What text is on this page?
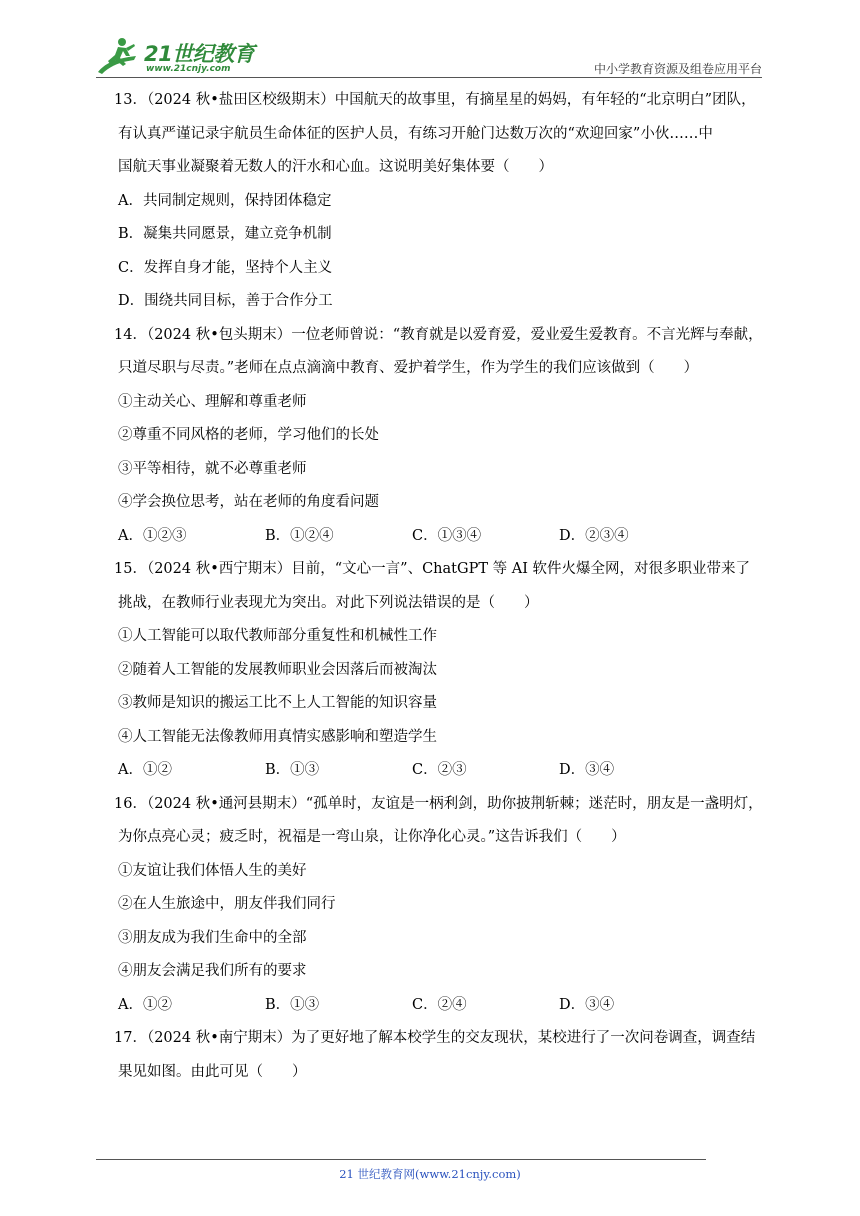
21世纪教育
www.21cnjy.com	中小学教育资源及组卷应用平台
13．（2024 秋•盐田区校级期末）中国航天的故事里，有摘星星的妈妈，有年轻的“北京明白”团队，
有认真严谨记录宇航员生命体征的医护人员，有练习开舱门达数万次的“欢迎回家”小伙……中
国航天事业凝聚着无数人的汗水和心血。这说明美好集体要（　　）
A．共同制定规则，保持团体稳定
B．凝集共同愿景，建立竞争机制
C．发挥自身才能，坚持个人主义
D．围绕共同目标，善于合作分工
14．（2024 秋•包头期末）一位老师曾说：“教育就是以爱育爱，爱业爱生爱教育。不言光辉与奉献，
只道尽职与尽责。”老师在点点滴滴中教育、爱护着学生，作为学生的我们应该做到（　　）
①主动关心、理解和尊重老师
②尊重不同风格的老师，学习他们的长处
③平等相待，就不必尊重老师
④学会换位思考，站在老师的角度看问题
A．①②③	B．①②④	C．①③④	D．②③④
15．（2024 秋•西宁期末）目前，“文心一言”、ChatGPT 等 AI 软件火爆全网，对很多职业带来了
挑战，在教师行业表现尤为突出。对此下列说法错误的是（　　）
①人工智能可以取代教师部分重复性和机械性工作
②随着人工智能的发展教师职业会因落后而被淘汰
③教师是知识的搬运工比不上人工智能的知识容量
④人工智能无法像教师用真情实感影响和塑造学生
A．①②	B．①③	C．②③	D．③④
16．（2024 秋•通河县期末）“孤单时，友谊是一柄利剑，助你披荆斩棘；迷茫时，朋友是一盏明灯，
为你点亮心灵；疲乏时，祝福是一弯山泉，让你净化心灵。”这告诉我们（　　）
①友谊让我们体悟人生的美好
②在人生旅途中，朋友伴我们同行
③朋友成为我们生命中的全部
④朋友会满足我们所有的要求
A．①②	B．①③	C．②④	D．③④
17．（2024 秋•南宁期末）为了更好地了解本校学生的交友现状，某校进行了一次问卷调查，调查结
果见如图。由此可见（　　）
21 世纪教育网(www.21cnjy.com)
